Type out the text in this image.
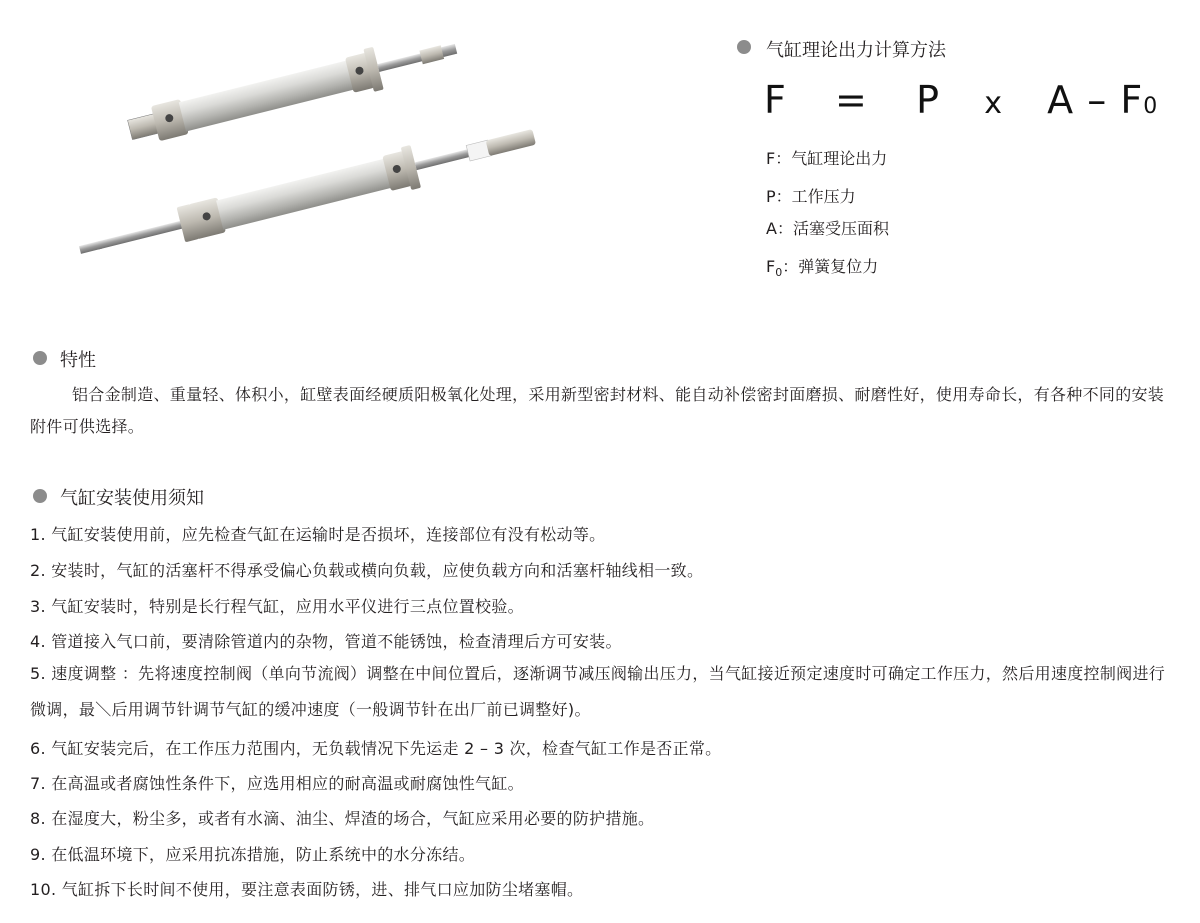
气缸理论出力计算方法
F = P x A – F0
F：气缸理论出力
P：工作压力
A：活塞受压面积
$F_0$：弹簧复位力
特性
铝合金制造、重量轻、体积小，缸壁表面经硬质阳极氧化处理，采用新型密封材料、能自动补偿密封面磨损、耐磨性好，使用寿命长，有各种不同的安装附件可供选择。
气缸安装使用须知
1. 气缸安装使用前，应先检查气缸在运输时是否损坏，连接部位有没有松动等。
2. 安装时，气缸的活塞杆不得承受偏心负载或横向负载，应使负载方向和活塞杆轴线相一致。
3. 气缸安装时，特别是长行程气缸，应用水平仪进行三点位置校验。
4. 管道接入气口前，要清除管道内的杂物，管道不能锈蚀，检查清理后方可安装。
5. 速度调整 ：先将速度控制阀（单向节流阀）调整在中间位置后，逐渐调节减压阀输出压力，当气缸接近预定速度时可确定工作压力，然后用速度控制阀进行微调，最＼后用调节针调节气缸的缓冲速度（一般调节针在出厂前已调整好)。
6. 气缸安装完后，在工作压力范围内，无负载情况下先运走 2 – 3 次，检查气缸工作是否正常。
7. 在高温或者腐蚀性条件下，应选用相应的耐高温或耐腐蚀性气缸。
8. 在湿度大，粉尘多，或者有水滴、油尘、焊渣的场合，气缸应采用必要的防护措施。
9. 在低温环境下，应采用抗冻措施，防止系统中的水分冻结。
10. 气缸拆下长时间不使用，要注意表面防锈，进、排气口应加防尘堵塞帽。
